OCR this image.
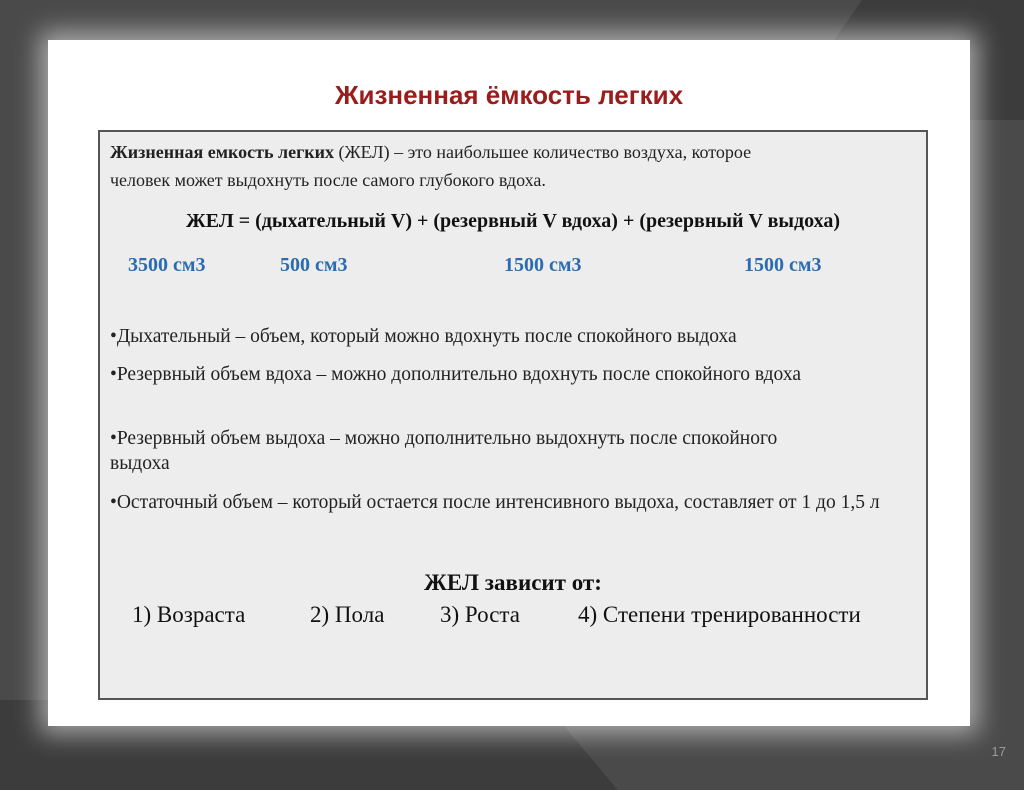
Жизненная ёмкость легких
Жизненная емкость легких (ЖЕЛ) – это наибольшее количество воздуха, которое
человек может выдохнуть после самого глубокого вдоха.
ЖЕЛ = (дыхательный V) + (резервный V вдоха) + (резервный V выдоха)
3500 см3	500 см3	1500 см3	1500 см3
•Дыхательный – объем, который можно вдохнуть после спокойного выдоха
•Резервный объем вдоха – можно дополнительно вдохнуть после спокойного вдоха
•Резервный объем выдоха – можно дополнительно выдохнуть после спокойного выдоха
•Остаточный объем – который остается после интенсивного выдоха, составляет от 1 до 1,5 л
ЖЕЛ зависит от:
1) Возраста	2) Пола 3) Роста	4) Степени тренированности
17
